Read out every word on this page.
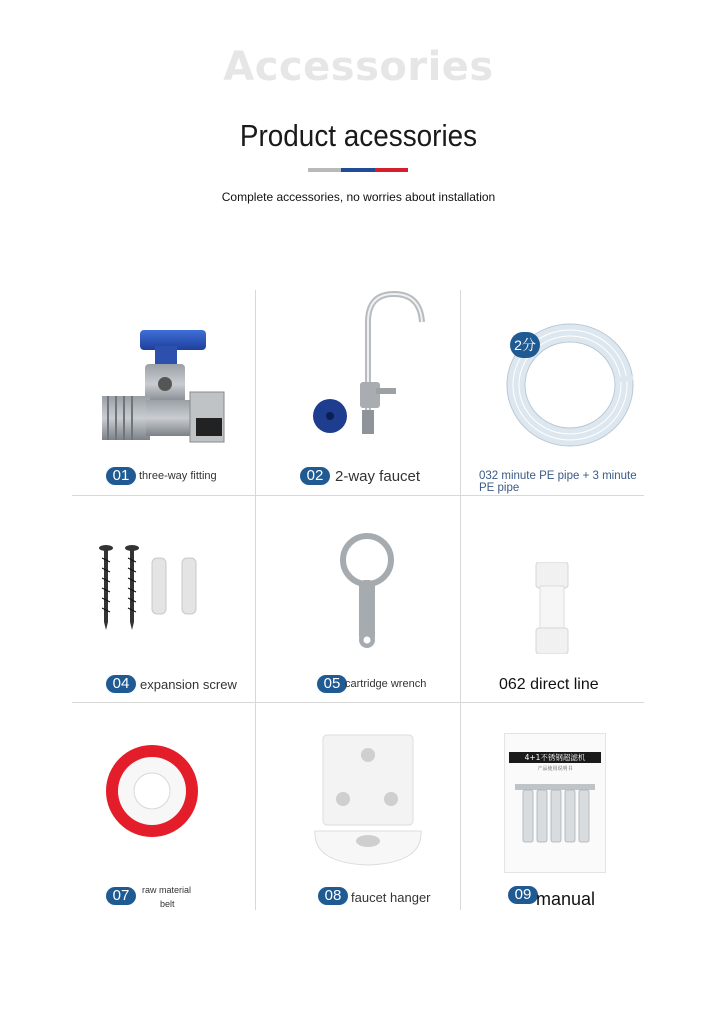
Accessories
Product acessories
Complete accessories, no worries about installation
01 three-way fitting	02 2-way faucet
2分
032 minute PE pipe + 3 minute PE pipe
04 expansion screw	05 cartridge wrench	062 direct line
07	raw material
belt	08 faucet hanger
4+1不锈钢超滤机
产品使用说明书
09 manual
